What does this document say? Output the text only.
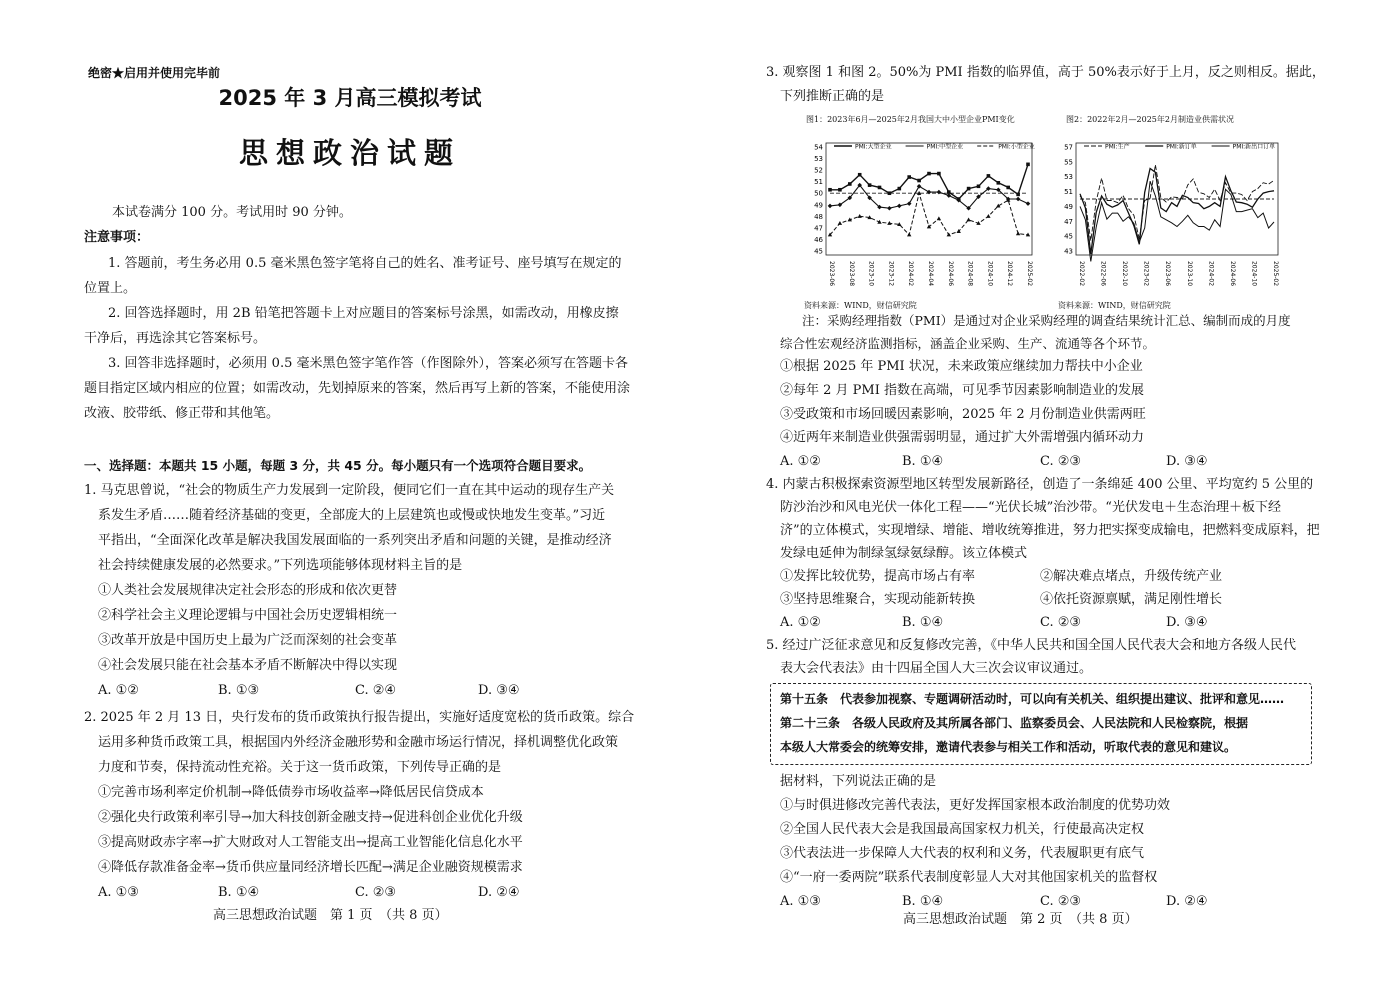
绝密★启用并使用完毕前
2025 年 3 月高三模拟考试
思想政治试题
本试卷满分 100 分。考试用时 90 分钟。
注意事项：
1. 答题前，考生务必用 0.5 毫米黑色签字笔将自己的姓名、准考证号、座号填写在规定的
位置上。
2. 回答选择题时，用 2B 铅笔把答题卡上对应题目的答案标号涂黑，如需改动，用橡皮擦
干净后，再选涂其它答案标号。
3. 回答非选择题时，必须用 0.5 毫米黑色签字笔作答（作图除外），答案必须写在答题卡各
题目指定区域内相应的位置；如需改动，先划掉原来的答案，然后再写上新的答案，不能使用涂
改液、胶带纸、修正带和其他笔。
一、选择题：本题共 15 小题，每题 3 分，共 45 分。每小题只有一个选项符合题目要求。
1. 马克思曾说，“社会的物质生产力发展到一定阶段，便同它们一直在其中运动的现存生产关
系发生矛盾……随着经济基础的变更，全部庞大的上层建筑也或慢或快地发生变革。”习近
平指出，“全面深化改革是解决我国发展面临的一系列突出矛盾和问题的关键，是推动经济
社会持续健康发展的必然要求。”下列选项能够体现材料主旨的是
①人类社会发展规律决定社会形态的形成和依次更替
②科学社会主义理论逻辑与中国社会历史逻辑相统一
③改革开放是中国历史上最为广泛而深刻的社会变革
④社会发展只能在社会基本矛盾不断解决中得以实现
A. ①②	B. ①③	C. ②④	D. ③④
2. 2025 年 2 月 13 日，央行发布的货币政策执行报告提出，实施好适度宽松的货币政策。综合
运用多种货币政策工具，根据国内外经济金融形势和金融市场运行情况，择机调整优化政策
力度和节奏，保持流动性充裕。关于这一货币政策，下列传导正确的是
①完善市场利率定价机制→降低债券市场收益率→降低居民信贷成本
②强化央行政策利率引导→加大科技创新金融支持→促进科创企业优化升级
③提高财政赤字率→扩大财政对人工智能支出→提高工业智能化信息化水平
④降低存款准备金率→货币供应量同经济增长匹配→满足企业融资规模需求
A. ①③	B. ①④	C. ②③	D. ②④
高三思想政治试题　第 1 页　（共 8 页）
3. 观察图 1 和图 2。50%为 PMI 指数的临界值，高于 50%表示好于上月，反之则相反。据此，
下列推断正确的是
图1：2023年6月—2025年2月我国大中小型企业PMI变化
45
46
47
48
49
50
51
52
53
54
2023-06 2023-08 2023-10 2023-12 2024-02 2024-04 2024-06 2024-08 2024-10 2024-12 2025-02
PMI:大型企业	PMI:中型企业	PMI:小型企业
资料来源：WIND，财信研究院
图2：2022年2月—2025年2月制造业供需状况
43
45
47
49
51
53
55
57
2022-02 2022-06 2022-10 2023-02 2023-06 2023-10 2024-02 2024-06 2024-10 2025-02
PMI:生产	PMI:新订单	PMI:新出口订单
资料来源：WIND，财信研究院
注：采购经理指数（PMI）是通过对企业采购经理的调查结果统计汇总、编制而成的月度
综合性宏观经济监测指标，涵盖企业采购、生产、流通等各个环节。
①根据 2025 年 PMI 状况，未来政策应继续加力帮扶中小企业
②每年 2 月 PMI 指数在高端，可见季节因素影响制造业的发展
③受政策和市场回暖因素影响，2025 年 2 月份制造业供需两旺
④近两年来制造业供强需弱明显，通过扩大外需增强内循环动力
A. ①②	B. ①④	C. ②③	D. ③④
4. 内蒙古积极探索资源型地区转型发展新路径，创造了一条绵延 400 公里、平均宽约 5 公里的
防沙治沙和风电光伏一体化工程——“光伏长城”治沙带。“光伏发电＋生态治理＋板下经
济”的立体模式，实现增绿、增能、增收统筹推进，努力把实探变成输电，把燃料变成原料，把
发绿电延伸为制绿氢绿氨绿醇。该立体模式
①发挥比较优势，提高市场占有率	②解决难点堵点，升级传统产业
③坚持思维聚合，实现动能新转换	④依托资源禀赋，满足刚性增长
A. ①②	B. ①④	C. ②③	D. ③④
5. 经过广泛征求意见和反复修改完善，《中华人民共和国全国人民代表大会和地方各级人民代
表大会代表法》由十四届全国人大三次会议审议通过。
第十五条　代表参加视察、专题调研活动时，可以向有关机关、组织提出建议、批评和意见……
第二十三条　各级人民政府及其所属各部门、监察委员会、人民法院和人民检察院，根据
本级人大常委会的统筹安排，邀请代表参与相关工作和活动，听取代表的意见和建议。
据材料，下列说法正确的是
①与时俱进修改完善代表法，更好发挥国家根本政治制度的优势功效
②全国人民代表大会是我国最高国家权力机关，行使最高决定权
③代表法进一步保障人大代表的权利和义务，代表履职更有底气
④“一府一委两院”联系代表制度彰显人大对其他国家机关的监督权
A. ①③	B. ①④	C. ②③	D. ②④
高三思想政治试题　第 2 页　（共 8 页）
